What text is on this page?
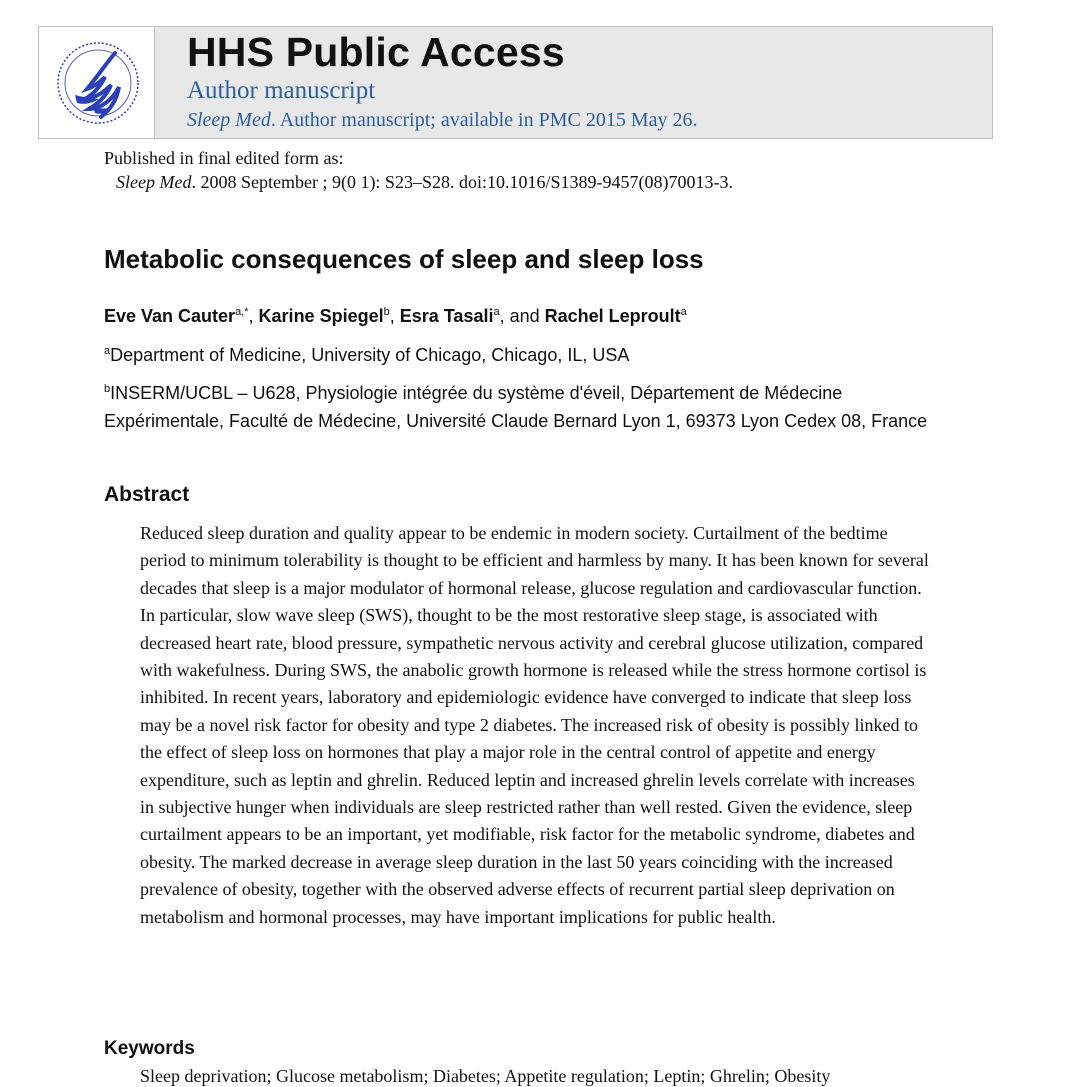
HHS Public Access
Author manuscript
Sleep Med. Author manuscript; available in PMC 2015 May 26.
Published in final edited form as:
Sleep Med. 2008 September ; 9(0 1): S23–S28. doi:10.1016/S1389-9457(08)70013-3.
Metabolic consequences of sleep and sleep loss
Eve Van Cauter$^{a,*}$, Karine Spiegel$^b$, Esra Tasali$^a$, and Rachel Leproult$^a$
$^a$Department of Medicine, University of Chicago, Chicago, IL, USA
$^b$INSERM/UCBL – U628, Physiologie intégrée du système d'éveil, Département de Médecine Expérimentale, Faculté de Médecine, Université Claude Bernard Lyon 1, 69373 Lyon Cedex 08, France
Abstract

Reduced sleep duration and quality appear to be endemic in modern society. Curtailment of the bedtime period to minimum tolerability is thought to be efficient and harmless by many. It has been known for several decades that sleep is a major modulator of hormonal release, glucose regulation and cardiovascular function. In particular, slow wave sleep (SWS), thought to be the most restorative sleep stage, is associated with decreased heart rate, blood pressure, sympathetic nervous activity and cerebral glucose utilization, compared with wakefulness. During SWS, the anabolic growth hormone is released while the stress hormone cortisol is inhibited. In recent years, laboratory and epidemiologic evidence have converged to indicate that sleep loss may be a novel risk factor for obesity and type 2 diabetes. The increased risk of obesity is possibly linked to the effect of sleep loss on hormones that play a major role in the central control of appetite and energy expenditure, such as leptin and ghrelin. Reduced leptin and increased ghrelin levels correlate with increases in subjective hunger when individuals are sleep restricted rather than well rested. Given the evidence, sleep curtailment appears to be an important, yet modifiable, risk factor for the metabolic syndrome, diabetes and obesity. The marked decrease in average sleep duration in the last 50 years coinciding with the increased prevalence of obesity, together with the observed adverse effects of recurrent partial sleep deprivation on metabolism and hormonal processes, may have important implications for public health.

Keywords
Sleep deprivation; Glucose metabolism; Diabetes; Appetite regulation; Leptin; Ghrelin; Obesity
